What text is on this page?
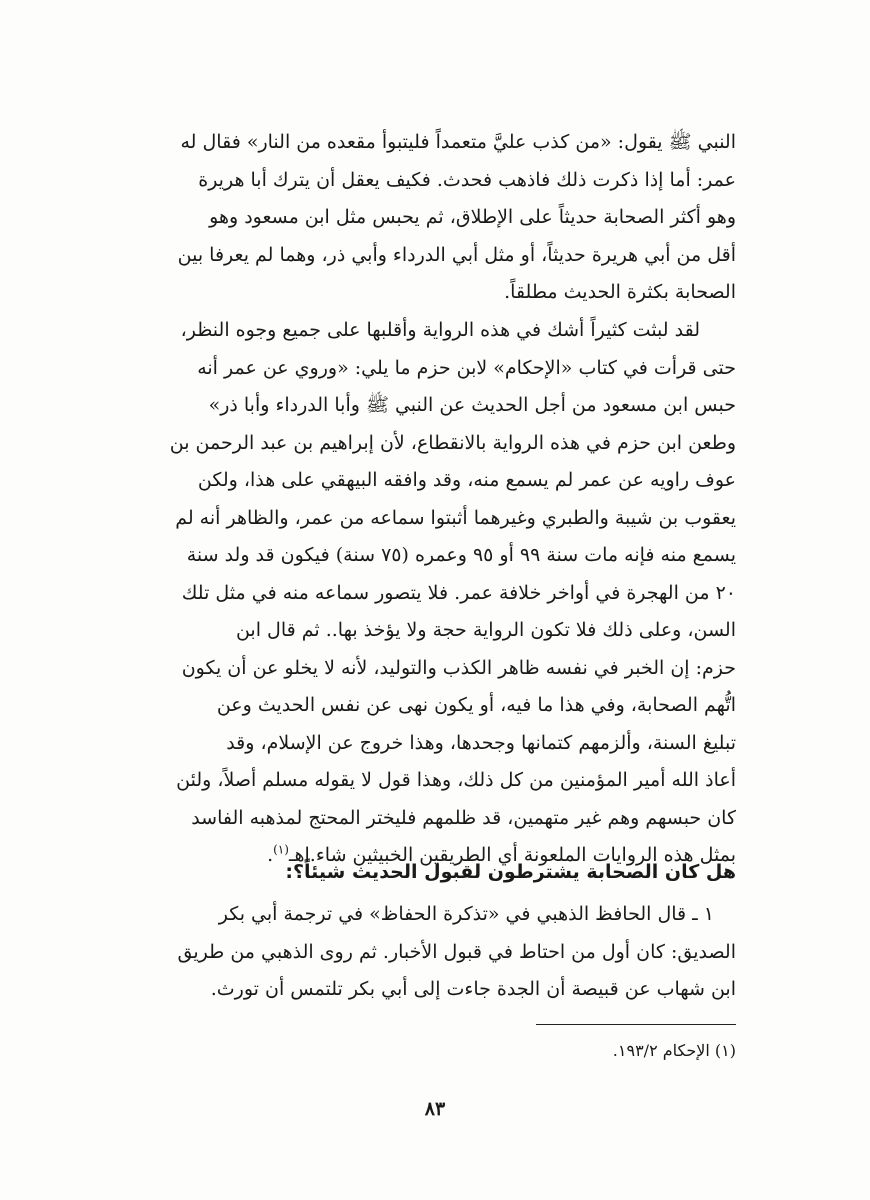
النبي ﷺ يقول: «من كذب عليَّ متعمداً فليتبوأ مقعده من النار» فقال له
عمر: أما إذا ذكرت ذلك فاذهب فحدث. فكيف يعقل أن يترك أبا هريرة
وهو أكثر الصحابة حديثاً على الإطلاق، ثم يحبس مثل ابن مسعود وهو
أقل من أبي هريرة حديثاً، أو مثل أبي الدرداء وأبي ذر، وهما لم يعرفا بين
الصحابة بكثرة الحديث مطلقاً.
لقد لبثت كثيراً أشك في هذه الرواية وأقلبها على جميع وجوه النظر،
حتى قرأت في كتاب «الإحكام» لابن حزم ما يلي: «وروي عن عمر أنه
حبس ابن مسعود من أجل الحديث عن النبي ﷺ وأبا الدرداء وأبا ذر»
وطعن ابن حزم في هذه الرواية بالانقطاع، لأن إبراهيم بن عبد الرحمن بن
عوف راويه عن عمر لم يسمع منه، وقد وافقه البيهقي على هذا، ولكن
يعقوب بن شيبة والطبري وغيرهما أثبتوا سماعه من عمر، والظاهر أنه لم
يسمع منه فإنه مات سنة ٩٩ أو ٩٥ وعمره (٧٥ سنة) فيكون قد ولد سنة
٢٠ من الهجرة في أواخر خلافة عمر. فلا يتصور سماعه منه في مثل تلك
السن، وعلى ذلك فلا تكون الرواية حجة ولا يؤخذ بها.. ثم قال ابن
حزم: إن الخبر في نفسه ظاهر الكذب والتوليد، لأنه لا يخلو عن أن يكون
اتُّهم الصحابة، وفي هذا ما فيه، أو يكون نهى عن نفس الحديث وعن
تبليغ السنة، وألزمهم كتمانها وجحدها، وهذا خروج عن الإسلام، وقد
أعاذ الله أمير المؤمنين من كل ذلك، وهذا قول لا يقوله مسلم أصلاً، ولئن
كان حبسهم وهم غير متهمين، قد ظلمهم فليختر المحتج لمذهبه الفاسد
بمثل هذه الروايات الملعونة أي الطريقين الخبيثين شاء.اهـ$^{(١)}$.
هل كان الصحابة يشترطون لقبول الحديث شيئاً؟:
١ ـ قال الحافظ الذهبي في «تذكرة الحفاظ» في ترجمة أبي بكر
الصديق: كان أول من احتاط في قبول الأخبار. ثم روى الذهبي من طريق
ابن شهاب عن قبيصة أن الجدة جاءت إلى أبي بكر تلتمس أن تورث.
(١) الإحكام ١٩٣/٢.
٨٣
